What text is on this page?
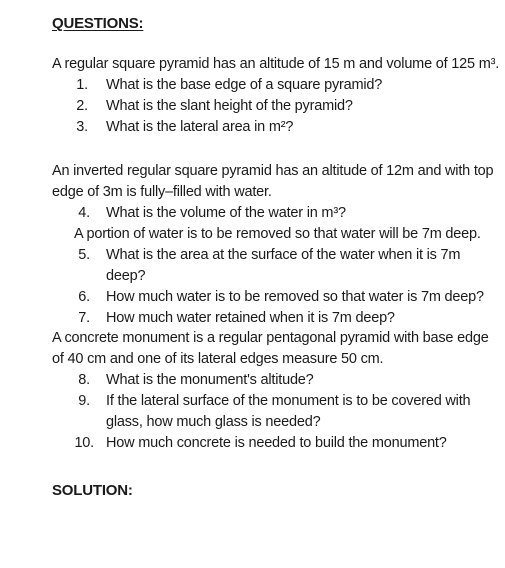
QUESTIONS:

A regular square pyramid has an altitude of 15 m and volume of 125 m³.

1. What is the base edge of a square pyramid?
2. What is the slant height of the pyramid?
3. What is the lateral area in m²?

An inverted regular square pyramid has an altitude of 12m and with top edge of 3m is fully–filled with water.

4. What is the volume of the water in m³?

A portion of water is to be removed so that water will be 7m deep.

5. What is the area at the surface of the water when it is 7m deep?
6. How much water is to be removed so that water is 7m deep?
7. How much water retained when it is 7m deep?

A concrete monument is a regular pentagonal pyramid with base edge of 40 cm and one of its lateral edges measure 50 cm.

8. What is the monument's altitude?
9. If the lateral surface of the monument is to be covered with glass, how much glass is needed?
10. How much concrete is needed to build the monument?
SOLUTION:
